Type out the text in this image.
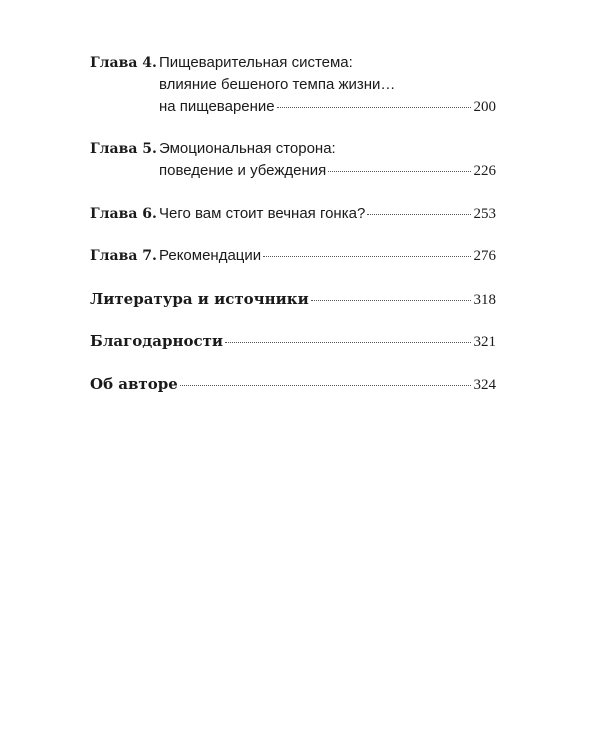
Глава 4. Пищеварительная система:
влияние бешеного темпа жизни…
на пищеварение	200
Глава 5. Эмоциональная сторона:
поведение и убеждения	226
Глава 6. Чего вам стоит вечная гонка?	253
Глава 7. Рекомендации	276
Литература и источники	318
Благодарности	321
Об авторе	324
